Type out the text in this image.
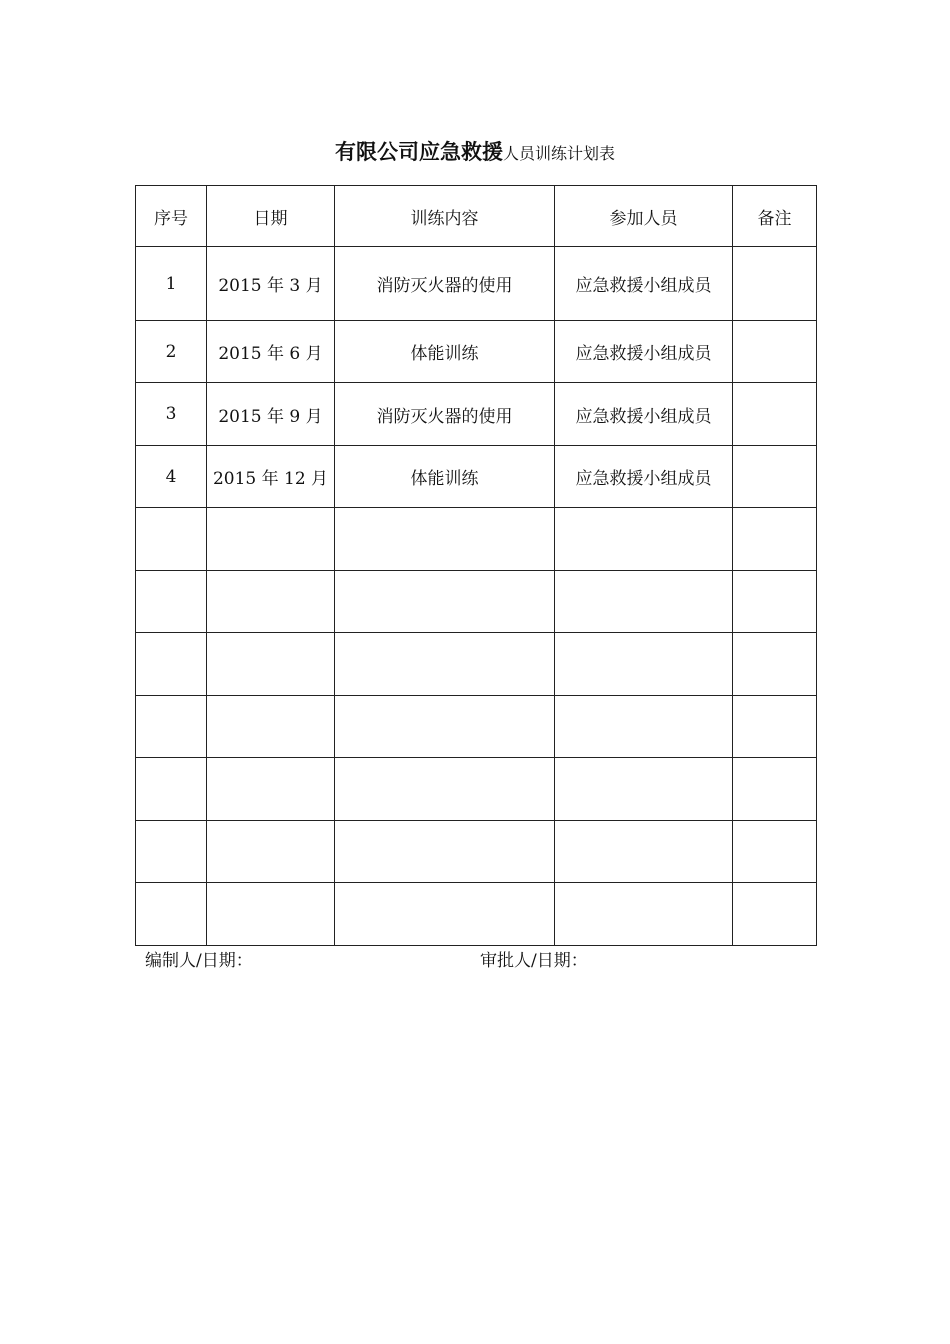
有限公司应急救援人员训练计划表
序号	日期	训练内容	参加人员	备注
1	2015 年 3 月	消防灭火器的使用	应急救援小组成员	
2	2015 年 6 月	体能训练	应急救援小组成员	
3	2015 年 9 月	消防灭火器的使用	应急救援小组成员	
4	2015 年 12 月	体能训练	应急救援小组成员	

编制人/日期：	审批人/日期：
